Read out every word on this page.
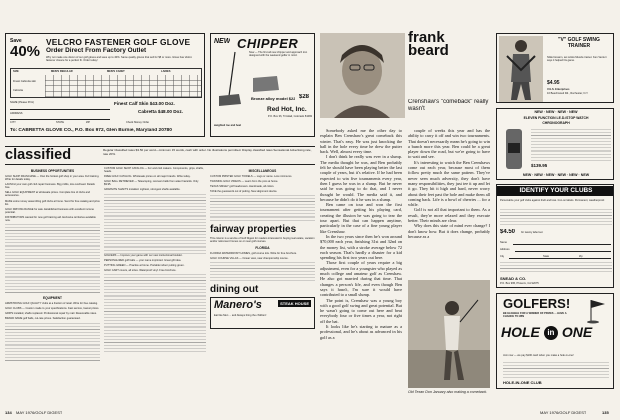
Save
40%
VELCRO FASTENER GOLF GLOVE
Order Direct From Factory Outlet
Why not make one dozen of our golf gloves and save up to 40%. Same quality gloves that sell for $5 or more. Glove has Velcro fastener closure for a perfect fit. Order today!
SIZE	MEN'S REGULAR	MEN'S CADET	LADIES
Finest Cabretta skin
Cabretta
Finest Calf Skin $43.00 Doz.
Cabretta $48.00 Doz.
NAME (Please Print)
ADDRESS
CITY	STATE	ZIP	Check Money Order
To: CABRETTA GLOVE CO., P.O. Box 972, Glen Burnie, Maryland 20780
NEW CHIPPER
Now — The first all new chipper and approach iron designed with the weekend golfer in mind.
Bronze alloy model $22 $28
Red Hot, Inc.
P.O. Box 36, Trinidad, Colorado 81082
weighted toe and heel
classified	Regular Classified rates $3.50 per word—minimum 15 words, cash with order. No illustrations permitted. Display classified rates Sensational Advertising rate, rate 20%.
BUSINESS OPPORTUNITIES
GOLF SHOP FRANCHISE — Own the hottest golf shop in your area. Full training. Write for details today.
LAUNCH your own golf club repair business. Big profits, low overhead. Details free.
SELL GOLF EQUIPMENT at wholesale prices. Complete line of clubs and accessories.
MAKE extra money assembling golf clubs at home. Send for free catalog and price list.
GOLF DRIVING RANGE for sale. Established business with excellent income potential.
DISTRIBUTORS wanted for new golf training aid. Exclusive territories available now.
EQUIPMENT
ARMSTRONG GOLF QUALITY clubs at a fraction of retail. Write for free catalog.
GOLF CLUBS — Custom made to your specifications. Fast service, lowest prices.
GRIPS installed, shafts replaced. Professional repair by mail. Reasonable rates.
BRAND NAME golf balls, cut-rate prices. Satisfaction guaranteed.
CUSTOM GOLF SHOP CATALOG — For and club makers. Components, grips, shafts, heads.
FREE GOLF CATALOG. Wholesale prices on all major brands. Write today.
GOLF BALL RETRIEVER — Telescoping, recovers balls from water hazards. Only $9.95.
GRAPHITE SHAFTS installed. Lightest, strongest shafts available.
GOLFERS — Improve your game with our new instructional booklet.
PERSONALIZED golf balls — your name imprinted. Great gift idea.
PUTTING GREEN — Practice at home. Portable indoor putting green.
GOLF CART covers, all sizes. Waterproof vinyl. Free brochure.
MISCELLANEOUS
CUSTOM PRINTED GOLF TOWELS — Logo or name. Low minimums.
TRAINING GOLF VIDEOS — Learn from the pros at home.
TEXAS SMILEY golf headcovers. Handmade, all colors.
TAKE the guesswork out of putting. New alignment device.
fairway properties
This column is a service of Golf Digest for readers interested in buying real estate, vacation and/or retirement homes on or near golf courses.
FLORIDA
FLORIDA WATERFRONT HOMES, golf course lots. Write for free brochure.
GOLF COURSE VILLAS — Ocean view, near championship course.
dining out
Manero's	STEAK HOUSE
Eat like Men ... and Always bring the children!
frank
beard
Crenshaw's "comeback" really wasn't

Somebody asked me the other day to explain Ben Crenshaw's great comeback this winter. That's easy. He was just knocking the ball in the hole every time he drew the putter back. Well, almost every time.

I don't think he really was ever in a slump. The media thought he was, and Ben probably felt he should have been playing better the last couple of years, but it's relative. If he had been expected to win five tournaments every year, then I guess he was in a slump. But he never said he was going to do that, and I never thought he would. The media said it, and because he didn't do it he was in a slump.

Ben came on tour and won the first tournament after getting his playing card, creating the illusion he was going to tear the tour apart. But that can happen anytime, particularly in the case of a fine young player like Crenshaw.

In the two years since then he's won around $70,000 each year, finishing 31st and 32nd on the money list, with a stroke average below 72 each season. That's hardly a disaster for a kid spending his first two years out here.

Those first couple of years require a big adjustment, even for a youngster who played as much college and amateur golf as Crenshaw. He also got married during that time. That changes a person's life, and even though Ben says it hasn't, I'm sure it would have contributed to a small slump.

The point is, Crenshaw was a young boy with a good golf swing and great potential. But he wasn't going to come out here and beat everybody four or five times a year, not right off the bat.

It looks like he's starting to mature as a professional, and he's about as advanced in his golf as a

couple of weeks this year and has the ability to carry it off and win two tournaments. That doesn't necessarily mean he's going to win a bunch more this year. Ben could be a great player down the road, but we're going to have to wait and see.

It's interesting to watch the Ben Crenshaws come out each year, because most of them follow pretty much the same pattern. They've never seen much adversity, they don't have many responsibilities, they just tee it up and let it go. They hit it high and hard, never worry about their feet past the hole and make them all coming back. Life is a bowl of cherries ... for a while.

Golf is not all that important to them. As a result, they're more relaxed and they execute better. Their minds are clear.

Why does this state of mind ever change? I don't know how. But it does change, probably because as a

Old Texan Don January also making a comeback.
"V" GOLF SWING TRAINER
Slide forearm, set wrists Muscle trainer. Ken Venturi says it helped his game.
$4.95
V.G.S. Enterprises
10 Beechwood Rd., Rochester, N.Y.
NEW · NEW · NEW · NEW
ELEVEN FUNCTION LE.D./STOP WATCH
CHRONOGRAPH
$139.95
NEW · NEW · NEW · NEW · NEW · NEW
IDENTIFY YOUR CLUBS
Personalize your golf clubs against theft and loss. Iron-on labels. Permanent, weatherproof.
$4.50 for twenty label set
Name
Address
City	State	Zip
SNEAD & CO.
P.O. Box 995, Phoenix, CA 92075
GOLFERS!
BE ELIGIBLE FOR A WINNER OF PRIZES ... HAVE A CHANCE TO WIN
HOLE in ONE
Join now — we pay $100 cash when you make a hole-in-one!
HOLE-IN-ONE CLUB
134 MAY 1976/GOLF DIGEST	MAY 1976/GOLF DIGEST	135
